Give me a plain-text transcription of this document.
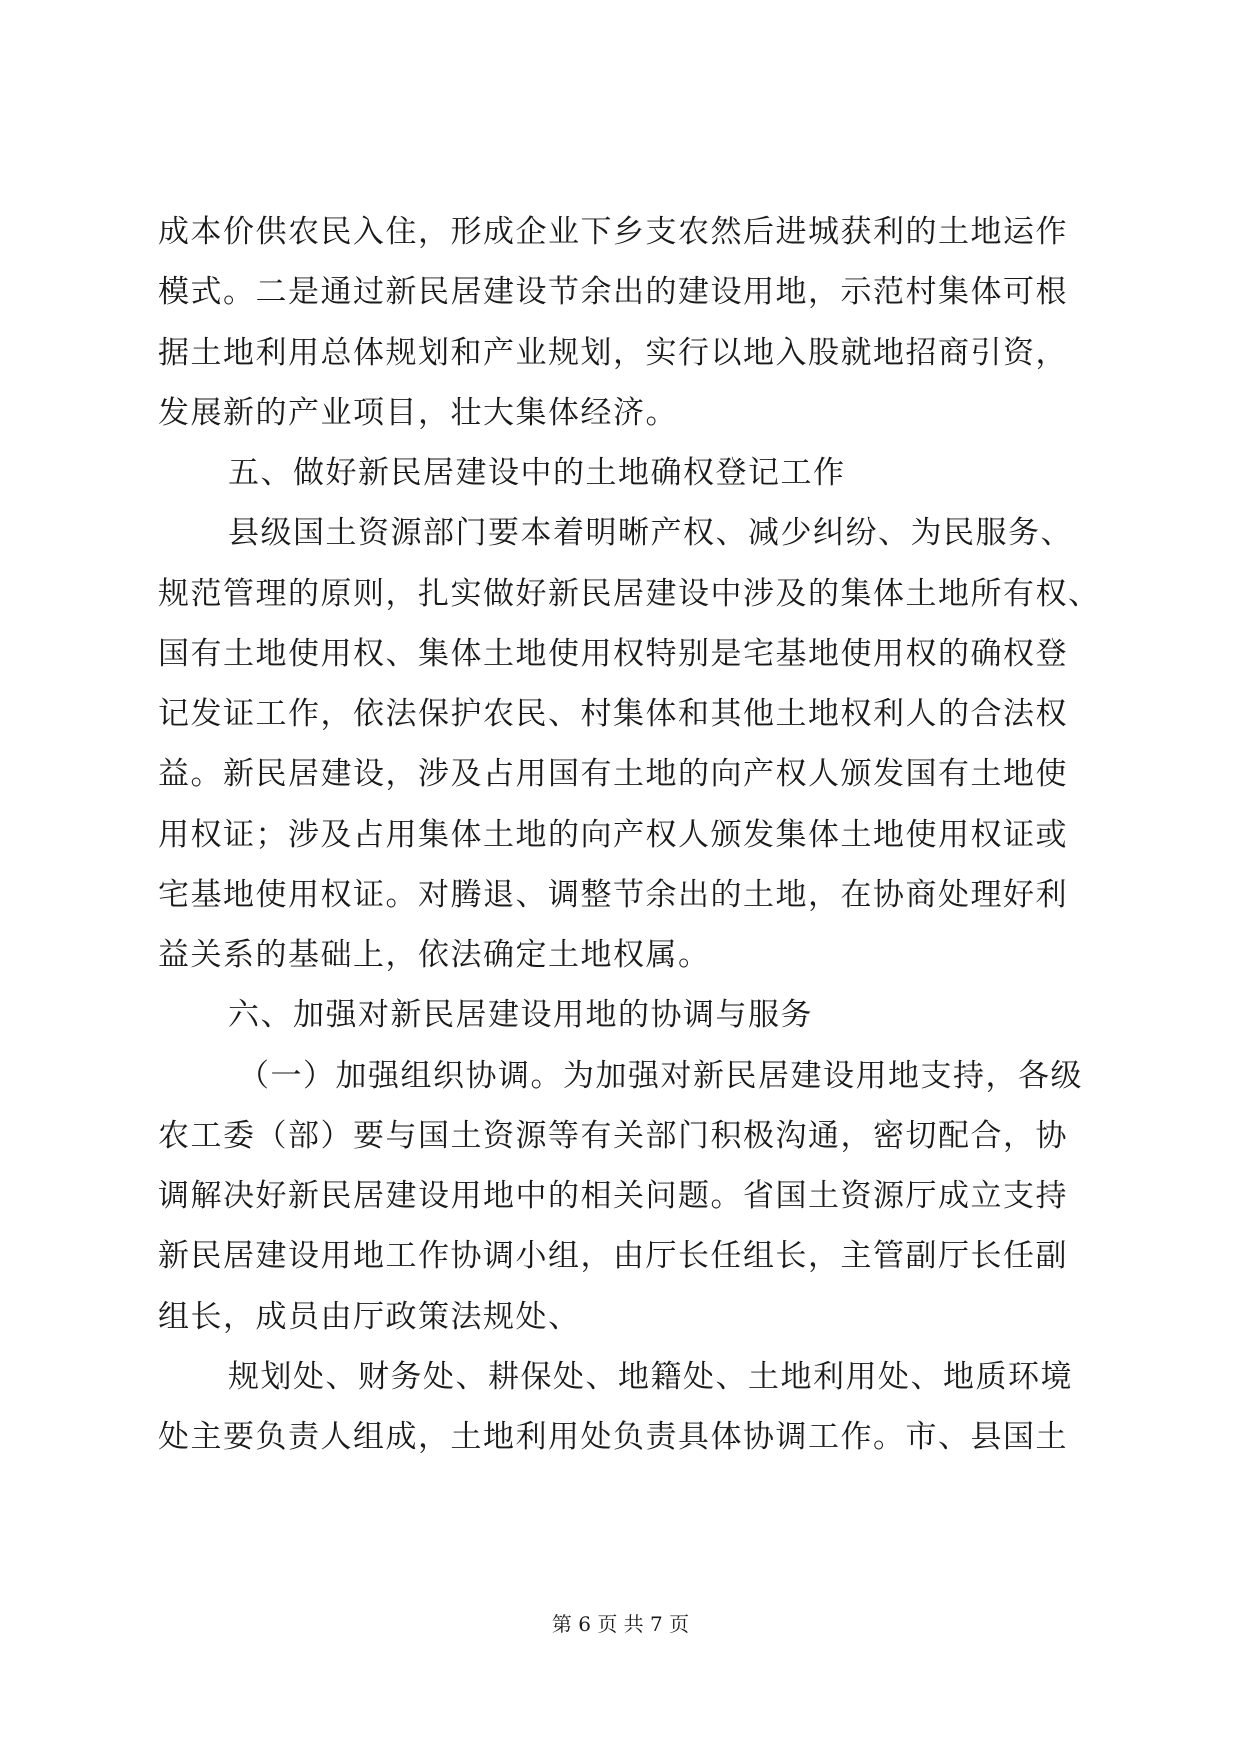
成本价供农民入住，形成企业下乡支农然后进城获利的土地运作
模式。二是通过新民居建设节余出的建设用地，示范村集体可根
据土地利用总体规划和产业规划，实行以地入股就地招商引资，
发展新的产业项目，壮大集体经济。
五、做好新民居建设中的土地确权登记工作
县级国土资源部门要本着明晰产权、减少纠纷、为民服务、
规范管理的原则，扎实做好新民居建设中涉及的集体土地所有权、
国有土地使用权、集体土地使用权特别是宅基地使用权的确权登
记发证工作，依法保护农民、村集体和其他土地权利人的合法权
益。新民居建设，涉及占用国有土地的向产权人颁发国有土地使
用权证；涉及占用集体土地的向产权人颁发集体土地使用权证或
宅基地使用权证。对腾退、调整节余出的土地，在协商处理好利
益关系的基础上，依法确定土地权属。
六、加强对新民居建设用地的协调与服务
（一）加强组织协调。为加强对新民居建设用地支持，各级
农工委（部）要与国土资源等有关部门积极沟通，密切配合，协
调解决好新民居建设用地中的相关问题。省国土资源厅成立支持
新民居建设用地工作协调小组，由厅长任组长，主管副厅长任副
组长，成员由厅政策法规处、
规划处、财务处、耕保处、地籍处、土地利用处、地质环境
处主要负责人组成，土地利用处负责具体协调工作。市、县国土
第 6 页 共 7 页
